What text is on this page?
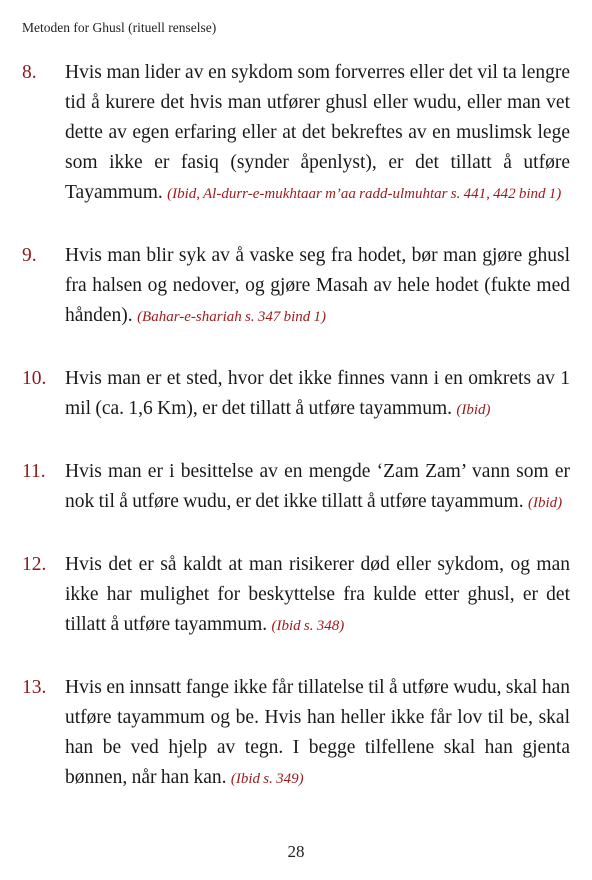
Metoden for Ghusl (rituell renselse)
8.	Hvis man lider av en sykdom som forverres eller det vil ta lengre tid å kurere det hvis man utfører ghusl eller wudu, eller man vet dette av egen erfaring eller at det bekreftes av en muslimsk lege som ikke er fasiq (synder åpenlyst), er det tillatt å utføre Tayammum. (Ibid, Al-durr-e-mukhtaar m’aa radd-ulmuhtar s. 441, 442 bind 1)
9.	Hvis man blir syk av å vaske seg fra hodet, bør man gjøre ghusl fra halsen og nedover, og gjøre Masah av hele hodet (fukte med hånden). (Bahar-e-shariah s. 347 bind 1)
10. Hvis man er et sted, hvor det ikke finnes vann i en omkrets av 1 mil (ca. 1,6 Km), er det tillatt å utføre tayammum. (Ibid)
11. Hvis man er i besittelse av en mengde ‘Zam Zam’ vann som er nok til å utføre wudu, er det ikke tillatt å utføre tayammum. (Ibid)
12. Hvis det er så kaldt at man risikerer død eller sykdom, og man ikke har mulighet for beskyttelse fra kulde etter ghusl, er det tillatt å utføre tayammum. (Ibid s. 348)
13. Hvis en innsatt fange ikke får tillatelse til å utføre wudu, skal han utføre tayammum og be. Hvis han heller ikke får lov til be, skal han be ved hjelp av tegn. I begge tilfellene skal han gjenta bønnen, når han kan. (Ibid s. 349)
28
